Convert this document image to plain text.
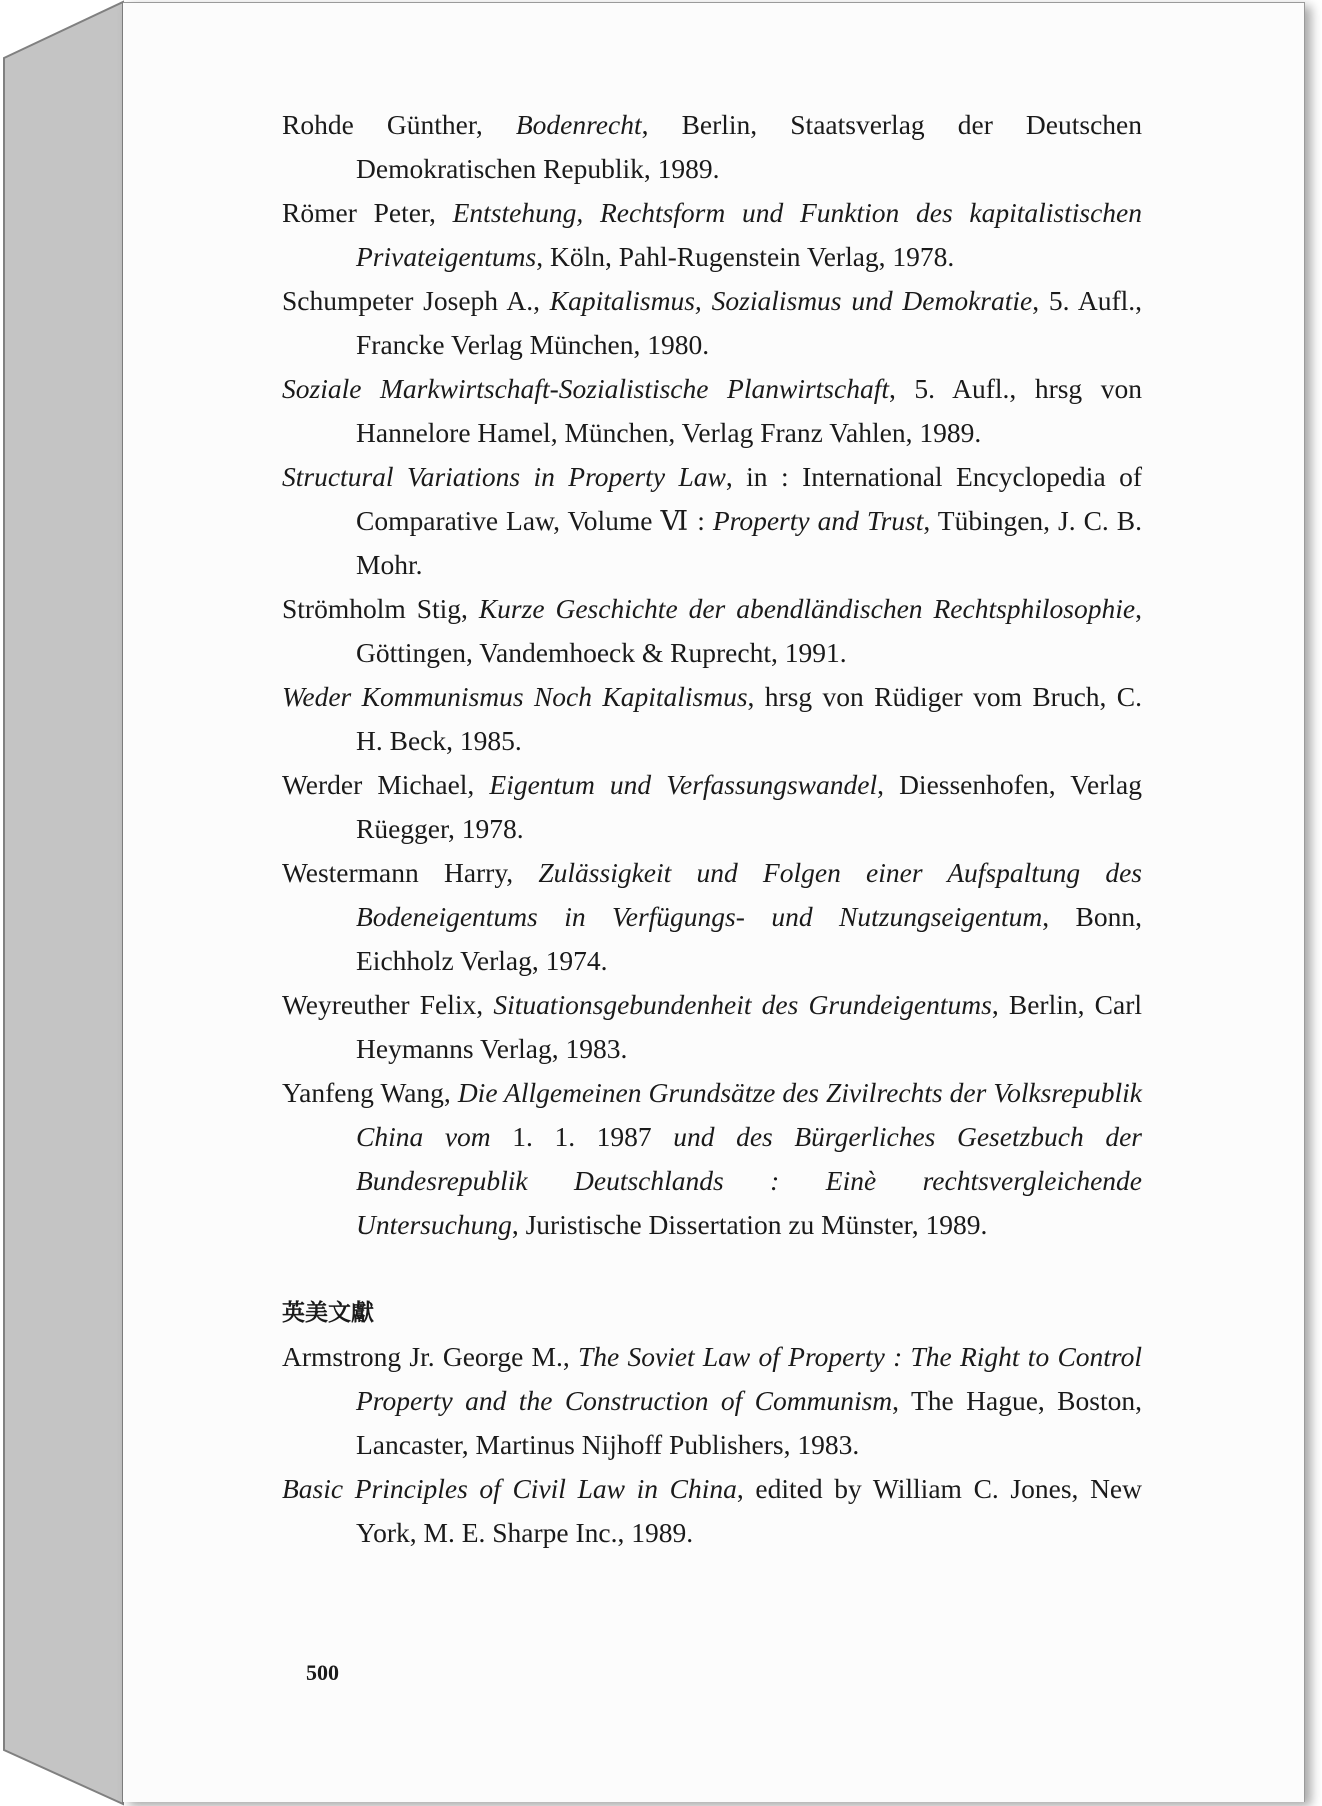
Rohde Günther, Bodenrecht, Berlin, Staatsverlag der Deutschen Demokratischen Republik, 1989.
Römer Peter, Entstehung, Rechtsform und Funktion des kapitalistischen Privateigentums, Köln, Pahl-Rugenstein Verlag, 1978.
Schumpeter Joseph A., Kapitalismus, Sozialismus und Demokratie, 5. Aufl., Francke Verlag München, 1980.
Soziale Markwirtschaft-Sozialistische Planwirtschaft, 5. Aufl., hrsg von Hannelore Hamel, München, Verlag Franz Vahlen, 1989.
Structural Variations in Property Law, in : International Encyclopedia of Comparative Law, Volume Ⅵ : Property and Trust, Tübingen, J. C. B. Mohr.
Strömholm Stig, Kurze Geschichte der abendländischen Rechtsphilosophie, Göttingen, Vandemhoeck & Ruprecht, 1991.
Weder Kommunismus Noch Kapitalismus, hrsg von Rüdiger vom Bruch, C. H. Beck, 1985.
Werder Michael, Eigentum und Verfassungswandel, Diessenhofen, Verlag Rüegger, 1978.
Westermann Harry, Zulässigkeit und Folgen einer Aufspaltung des Bodeneigentums in Verfügungs- und Nutzungseigentum, Bonn, Eichholz Verlag, 1974.
Weyreuther Felix, Situationsgebundenheit des Grundeigentums, Berlin, Carl Heymanns Verlag, 1983.
Yanfeng Wang, Die Allgemeinen Grundsätze des Zivilrechts der Volksrepublik China vom 1. 1. 1987 und des Bürgerliches Gesetzbuch der Bundesrepublik Deutschlands : Einè rechtsvergleichende Untersuchung, Juristische Dissertation zu Münster, 1989.
英美文獻
Armstrong Jr. George M., The Soviet Law of Property : The Right to Control Property and the Construction of Communism, The Hague, Boston, Lancaster, Martinus Nijhoff Publishers, 1983.
Basic Principles of Civil Law in China, edited by William C. Jones, New York, M. E. Sharpe Inc., 1989.
500
